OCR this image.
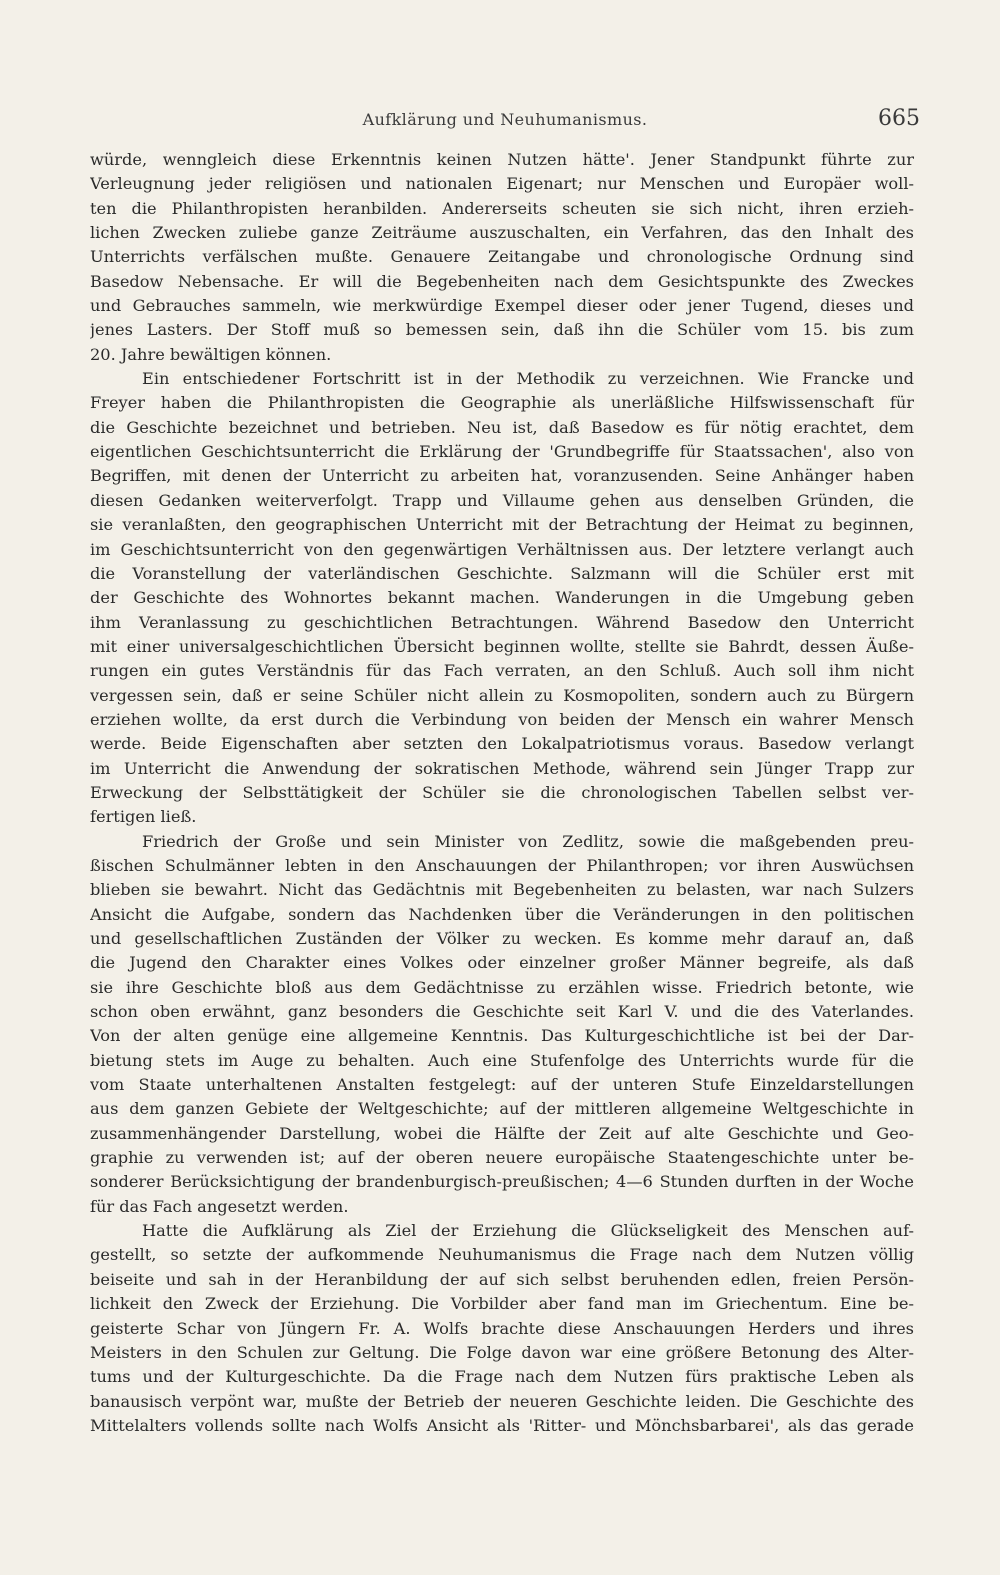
Aufklärung und Neuhumanismus.	665
würde, wenngleich diese Erkenntnis keinen Nutzen hätte'. Jener Standpunkt führte zur
Verleugnung jeder religiösen und nationalen Eigenart; nur Menschen und Europäer woll-
ten die Philanthropisten heranbilden. Andererseits scheuten sie sich nicht, ihren erzieh-
lichen Zwecken zuliebe ganze Zeiträume auszuschalten, ein Verfahren, das den Inhalt des
Unterrichts verfälschen mußte. Genauere Zeitangabe und chronologische Ordnung sind
Basedow Nebensache. Er will die Begebenheiten nach dem Gesichtspunkte des Zweckes
und Gebrauches sammeln, wie merkwürdige Exempel dieser oder jener Tugend, dieses und
jenes Lasters. Der Stoff muß so bemessen sein, daß ihn die Schüler vom 15. bis zum
20. Jahre bewältigen können.
Ein entschiedener Fortschritt ist in der Methodik zu verzeichnen. Wie Francke und
Freyer haben die Philanthropisten die Geographie als unerläßliche Hilfswissenschaft für
die Geschichte bezeichnet und betrieben. Neu ist, daß Basedow es für nötig erachtet, dem
eigentlichen Geschichtsunterricht die Erklärung der 'Grundbegriffe für Staatssachen', also von
Begriffen, mit denen der Unterricht zu arbeiten hat, voranzusenden. Seine Anhänger haben
diesen Gedanken weiterverfolgt. Trapp und Villaume gehen aus denselben Gründen, die
sie veranlaßten, den geographischen Unterricht mit der Betrachtung der Heimat zu beginnen,
im Geschichtsunterricht von den gegenwärtigen Verhältnissen aus. Der letztere verlangt auch
die Voranstellung der vaterländischen Geschichte. Salzmann will die Schüler erst mit
der Geschichte des Wohnortes bekannt machen. Wanderungen in die Umgebung geben
ihm Veranlassung zu geschichtlichen Betrachtungen. Während Basedow den Unterricht
mit einer universalgeschichtlichen Übersicht beginnen wollte, stellte sie Bahrdt, dessen Äuße-
rungen ein gutes Verständnis für das Fach verraten, an den Schluß. Auch soll ihm nicht
vergessen sein, daß er seine Schüler nicht allein zu Kosmopoliten, sondern auch zu Bürgern
erziehen wollte, da erst durch die Verbindung von beiden der Mensch ein wahrer Mensch
werde. Beide Eigenschaften aber setzten den Lokalpatriotismus voraus. Basedow verlangt
im Unterricht die Anwendung der sokratischen Methode, während sein Jünger Trapp zur
Erweckung der Selbsttätigkeit der Schüler sie die chronologischen Tabellen selbst ver-
fertigen ließ.
Friedrich der Große und sein Minister von Zedlitz, sowie die maßgebenden preu-
ßischen Schulmänner lebten in den Anschauungen der Philanthropen; vor ihren Auswüchsen
blieben sie bewahrt. Nicht das Gedächtnis mit Begebenheiten zu belasten, war nach Sulzers
Ansicht die Aufgabe, sondern das Nachdenken über die Veränderungen in den politischen
und gesellschaftlichen Zuständen der Völker zu wecken. Es komme mehr darauf an, daß
die Jugend den Charakter eines Volkes oder einzelner großer Männer begreife, als daß
sie ihre Geschichte bloß aus dem Gedächtnisse zu erzählen wisse. Friedrich betonte, wie
schon oben erwähnt, ganz besonders die Geschichte seit Karl V. und die des Vaterlandes.
Von der alten genüge eine allgemeine Kenntnis. Das Kulturgeschichtliche ist bei der Dar-
bietung stets im Auge zu behalten. Auch eine Stufenfolge des Unterrichts wurde für die
vom Staate unterhaltenen Anstalten festgelegt: auf der unteren Stufe Einzeldarstellungen
aus dem ganzen Gebiete der Weltgeschichte; auf der mittleren allgemeine Weltgeschichte in
zusammenhängender Darstellung, wobei die Hälfte der Zeit auf alte Geschichte und Geo-
graphie zu verwenden ist; auf der oberen neuere europäische Staatengeschichte unter be-
sonderer Berücksichtigung der brandenburgisch-preußischen; 4—6 Stunden durften in der Woche
für das Fach angesetzt werden.
Hatte die Aufklärung als Ziel der Erziehung die Glückseligkeit des Menschen auf-
gestellt, so setzte der aufkommende Neuhumanismus die Frage nach dem Nutzen völlig
beiseite und sah in der Heranbildung der auf sich selbst beruhenden edlen, freien Persön-
lichkeit den Zweck der Erziehung. Die Vorbilder aber fand man im Griechentum. Eine be-
geisterte Schar von Jüngern Fr. A. Wolfs brachte diese Anschauungen Herders und ihres
Meisters in den Schulen zur Geltung. Die Folge davon war eine größere Betonung des Alter-
tums und der Kulturgeschichte. Da die Frage nach dem Nutzen fürs praktische Leben als
banausisch verpönt war, mußte der Betrieb der neueren Geschichte leiden. Die Geschichte des
Mittelalters vollends sollte nach Wolfs Ansicht als 'Ritter- und Mönchsbarbarei', als das gerade
